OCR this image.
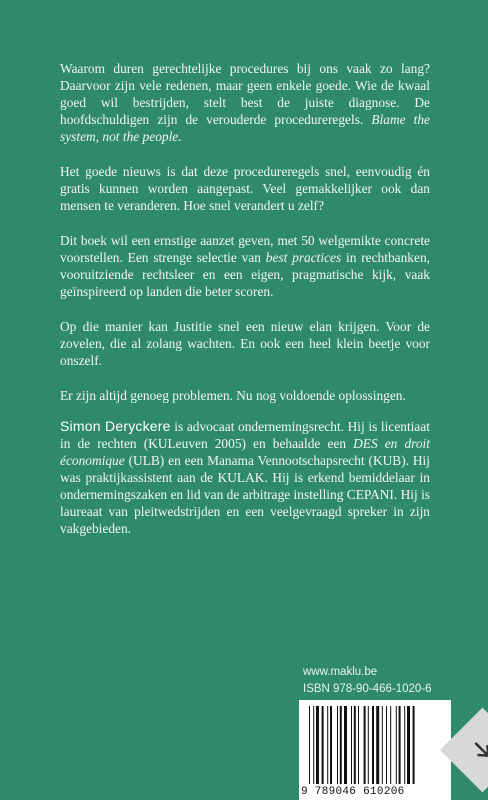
Waarom duren gerechtelijke procedures bij ons vaak zo lang? Daarvoor zijn vele redenen, maar geen enkele goede. Wie de kwaal goed wil bestrijden, stelt best de juiste diagnose. De hoofdschuldigen zijn de verouderde procedureregels. Blame the system, not the people.

Het goede nieuws is dat deze procedureregels snel, eenvoudig én gratis kunnen worden aangepast. Veel gemakkelijker ook dan mensen te veranderen. Hoe snel verandert u zelf?

Dit boek wil een ernstige aanzet geven, met 50 welgemikte concrete voorstellen. Een strenge selectie van best practices in rechtbanken, vooruitziende rechtsleer en een eigen, pragmatische kijk, vaak geïnspireerd op landen die beter scoren.

Op die manier kan Justitie snel een nieuw elan krijgen. Voor de zovelen, die al zolang wachten. En ook een heel klein beetje voor onszelf.

Er zijn altijd genoeg problemen. Nu nog voldoende oplossingen.

Simon Deryckere is advocaat ondernemingsrecht. Hij is licentiaat in de rechten (KULeuven 2005) en behaalde een DES en droit économique (ULB) en een Manama Vennootschapsrecht (KUB). Hij was praktijkassistent aan de KULAK. Hij is erkend bemiddelaar in ondernemingszaken en lid van de arbitrage instelling CEPANI. Hij is laureaat van pleitwedstrijden en een veelgevraagd spreker in zijn vakgebieden.

www.maklu.be
ISBN 978-90-466-1020-6
9 789046 610206
